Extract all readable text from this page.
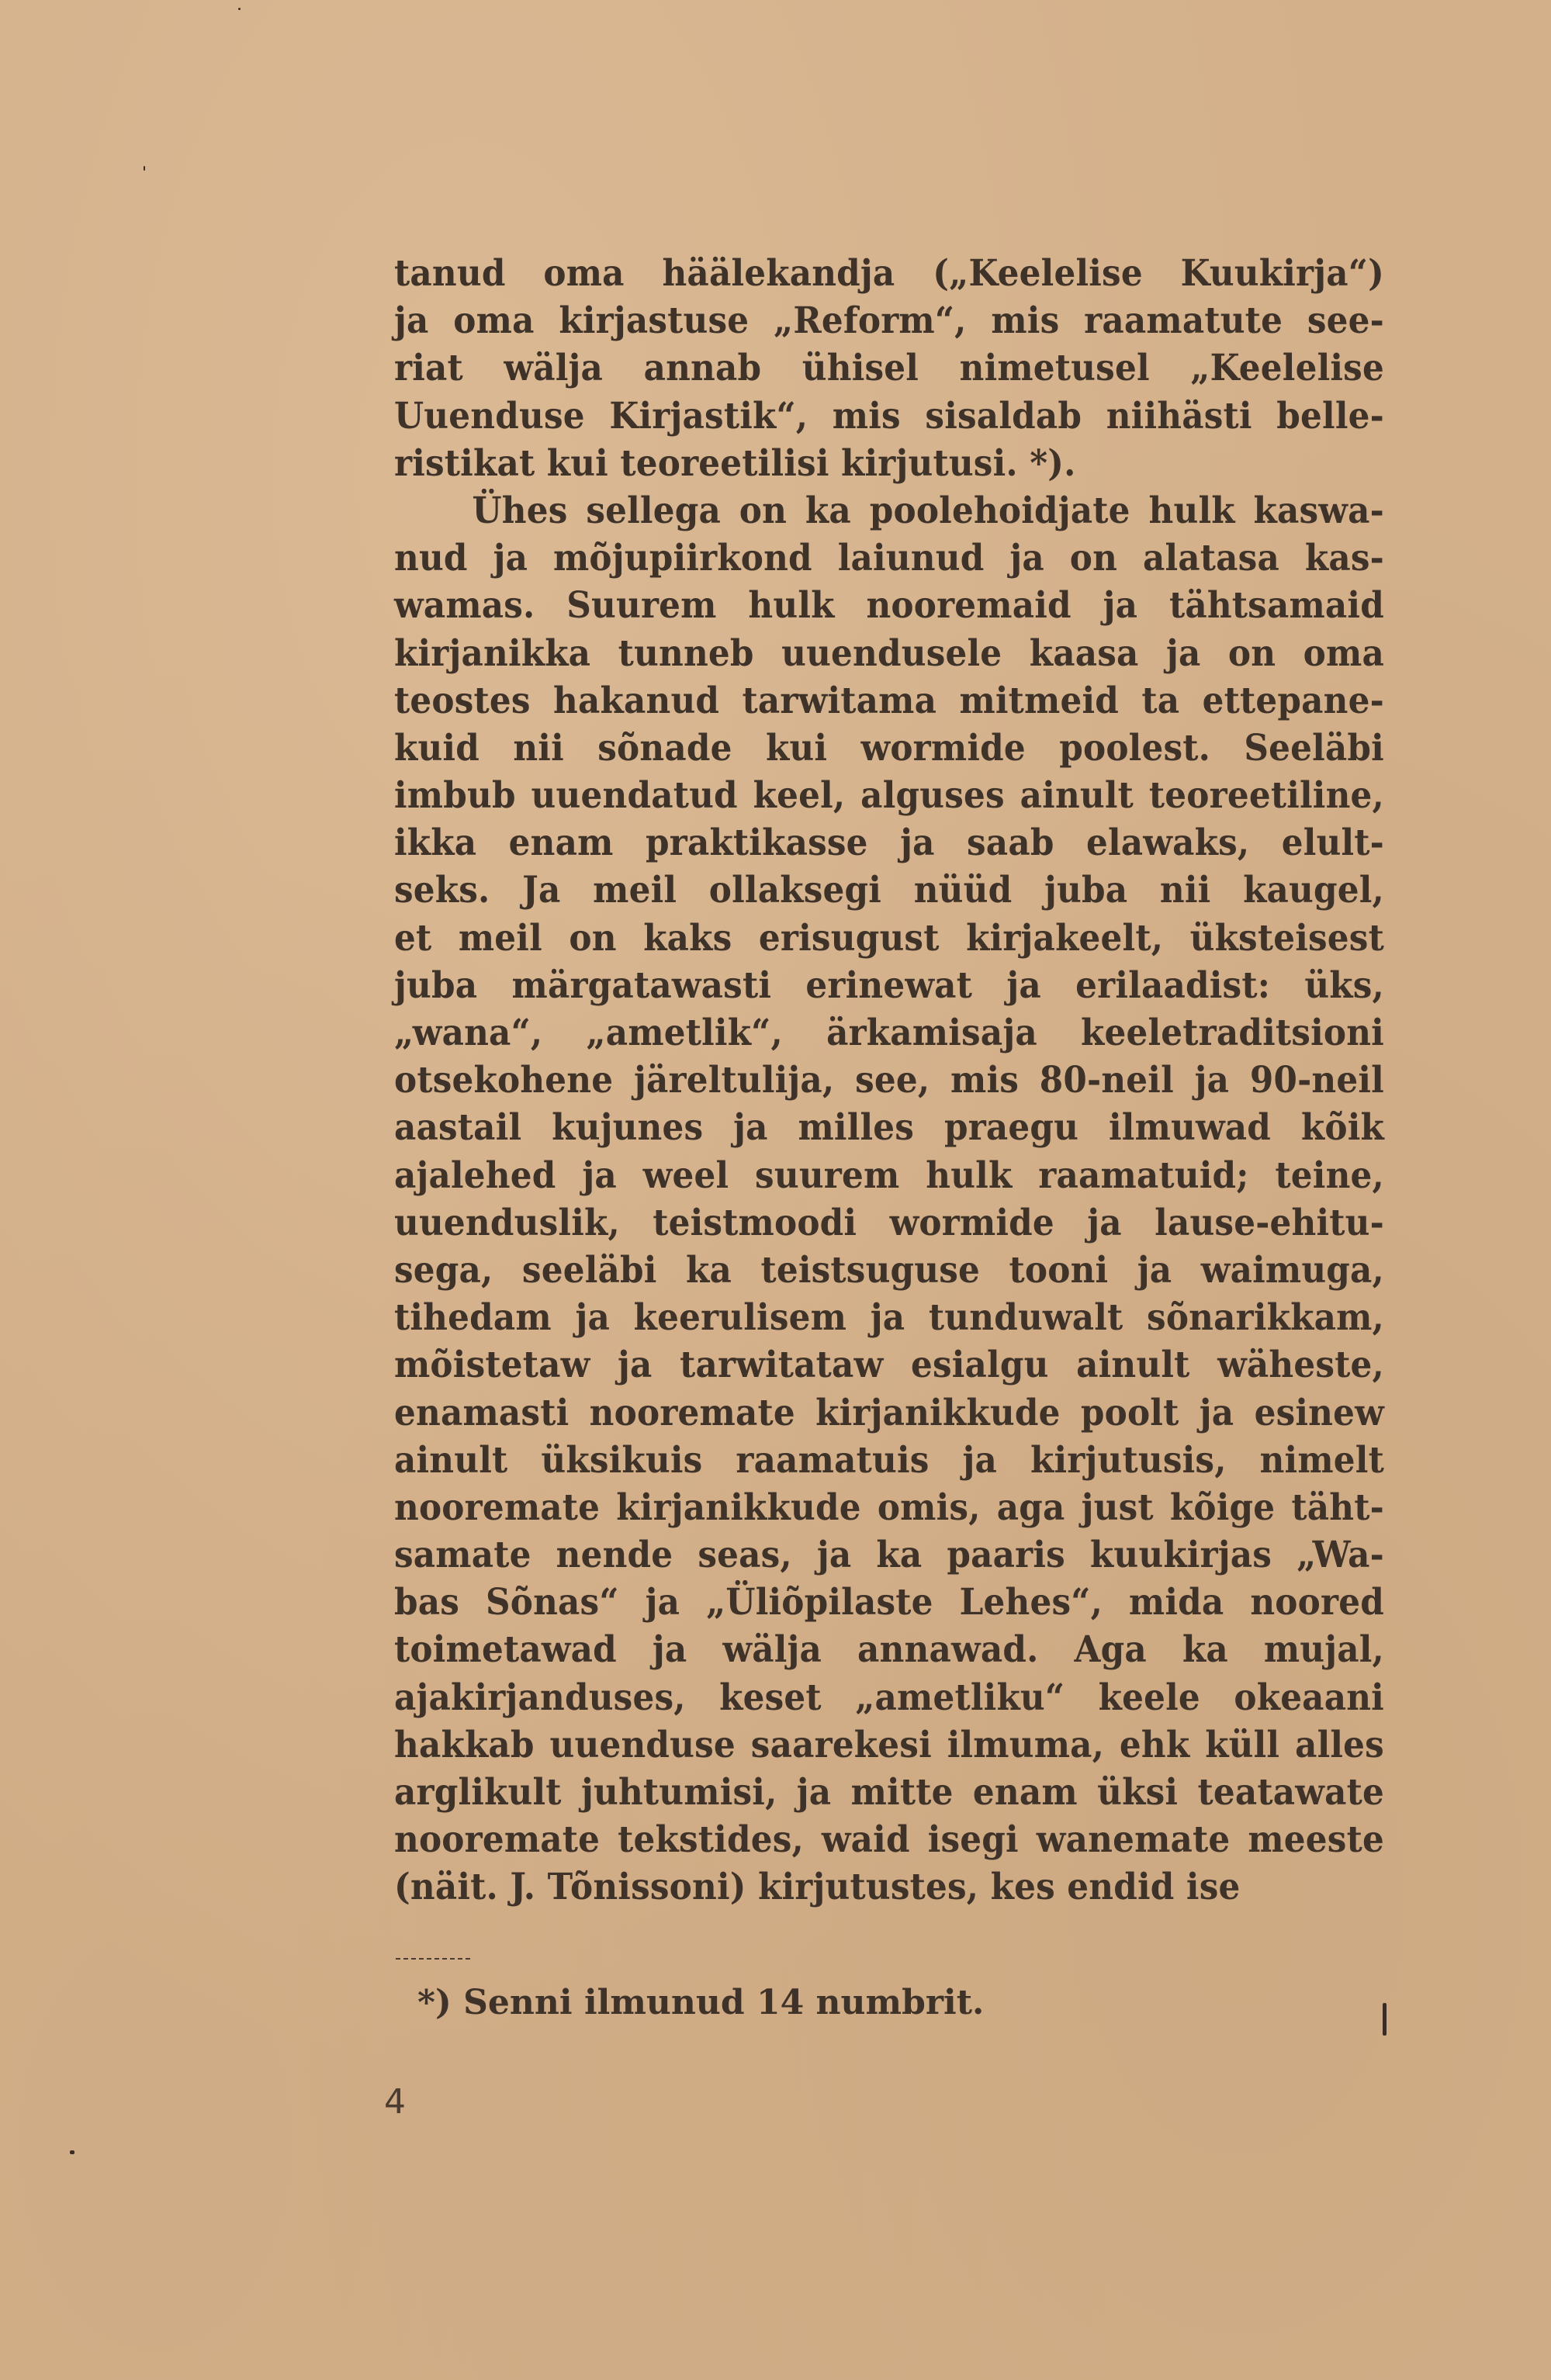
tanud oma häälekandja („Keelelise Kuukirja“)
ja oma kirjastuse „Reform“, mis raamatute see-
riat wälja annab ühisel nimetusel „Keelelise
Uuenduse Kirjastik“, mis sisaldab niihästi belle-
ristikat kui teoreetilisi kirjutusi. *).
Ühes sellega on ka poolehoidjate hulk kaswa-
nud ja mõjupiirkond laiunud ja on alatasa kas-
wamas. Suurem hulk nooremaid ja tähtsamaid
kirjanikka tunneb uuendusele kaasa ja on oma
teostes hakanud tarwitama mitmeid ta ettepane-
kuid nii sõnade kui wormide poolest. Seeläbi
imbub uuendatud keel, alguses ainult teoreetiline,
ikka enam praktikasse ja saab elawaks, elult-
seks. Ja meil ollaksegi nüüd juba nii kaugel,
et meil on kaks erisugust kirjakeelt, üksteisest
juba märgatawasti erinewat ja erilaadist: üks,
„wana“, „ametlik“, ärkamisaja keeletraditsioni
otsekohene järeltulija, see, mis 80-neil ja 90-neil
aastail kujunes ja milles praegu ilmuwad kõik
ajalehed ja weel suurem hulk raamatuid; teine,
uuenduslik, teistmoodi wormide ja lause-ehitu-
sega, seeläbi ka teistsuguse tooni ja waimuga,
tihedam ja keerulisem ja tunduwalt sõnarikkam,
mõistetaw ja tarwitataw esialgu ainult wäheste,
enamasti nooremate kirjanikkude poolt ja esinew
ainult üksikuis raamatuis ja kirjutusis, nimelt
nooremate kirjanikkude omis, aga just kõige täht-
samate nende seas, ja ka paaris kuukirjas „Wa-
bas Sõnas“ ja „Üliõpilaste Lehes“, mida noored
toimetawad ja wälja annawad. Aga ka mujal,
ajakirjanduses, keset „ametliku“ keele okeaani
hakkab uuenduse saarekesi ilmuma, ehk küll alles
arglikult juhtumisi, ja mitte enam üksi teatawate
nooremate tekstides, waid isegi wanemate meeste
(näit. J. Tõnissoni) kirjutustes, kes endid ise
*) Senni ilmunud 14 numbrit.
4
